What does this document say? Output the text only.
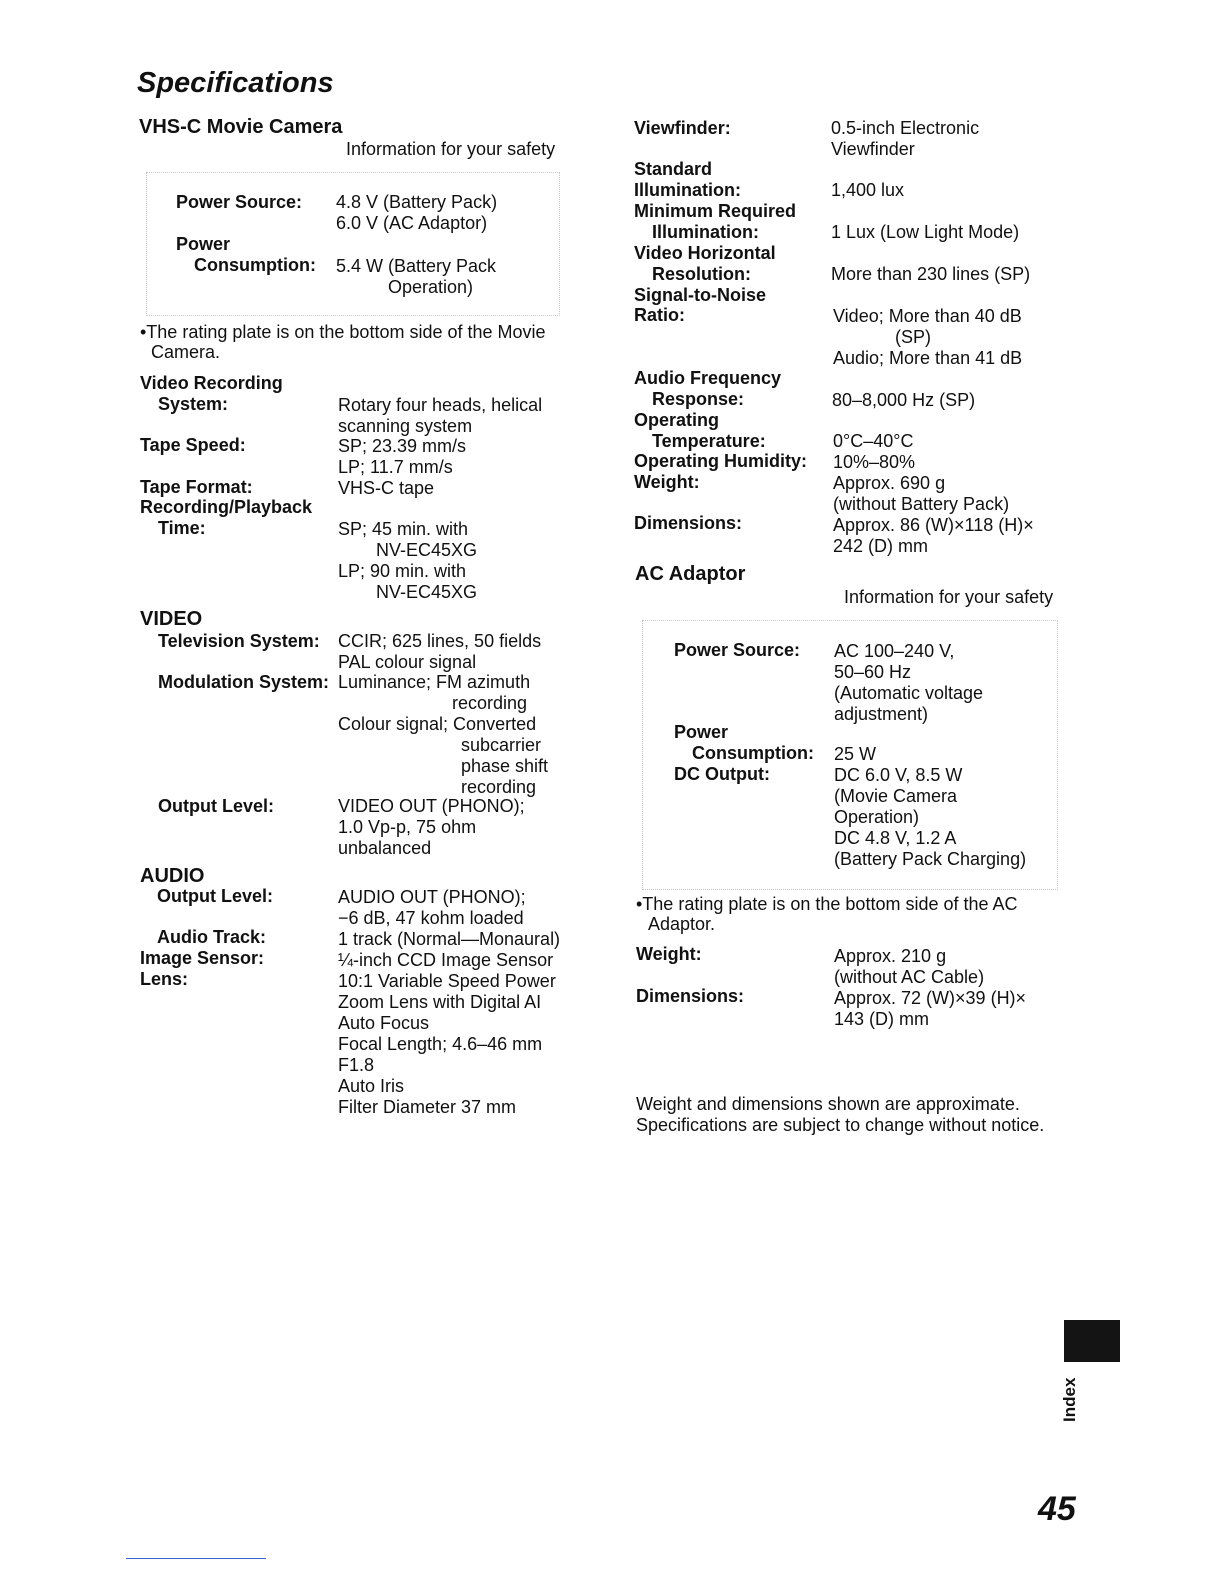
Specifications
VHS-C Movie Camera
Information for your safety
Power Source: 4.8 V (Battery Pack)
6.0 V (AC Adaptor)
Power
Consumption: 5.4 W (Battery Pack
Operation)
•The rating plate is on the bottom side of the Movie
Camera.
Video Recording
System:	Rotary four heads, helical
scanning system
Tape Speed:	SP; 23.39 mm/s
LP; 11.7 mm/s
Tape Format:	VHS-C tape
Recording/Playback
Time:	SP; 45 min. with
NV-EC45XG
LP; 90 min. with
NV-EC45XG
VIDEO
Television System: CCIR; 625 lines, 50 fields
PAL colour signal
Modulation System: Luminance; FM azimuth
recording
Colour signal; Converted
subcarrier
phase shift
recording
Output Level:	VIDEO OUT (PHONO);
1.0 Vp-p, 75 ohm
unbalanced
AUDIO
Output Level:	AUDIO OUT (PHONO);
−6 dB, 47 kohm loaded
Audio Track:	1 track (Normal—Monaural)
Image Sensor:	¼-inch CCD Image Sensor
Lens:	10:1 Variable Speed Power
Zoom Lens with Digital AI
Auto Focus
Focal Length; 4.6–46 mm
F1.8
Auto Iris
Filter Diameter 37 mm
Viewfinder:	0.5-inch Electronic
Viewfinder
Standard
Illumination:	1,400 lux
Minimum Required
Illumination:	1 Lux (Low Light Mode)
Video Horizontal
Resolution:	More than 230 lines (SP)
Signal-to-Noise
Ratio:	Video; More than 40 dB
(SP)
Audio; More than 41 dB
Audio Frequency
Response:	80–8,000 Hz (SP)
Operating
Temperature:	0°C–40°C
Operating Humidity: 10%–80%
Weight:	Approx. 690 g
(without Battery Pack)
Dimensions:	Approx. 86 (W)×118 (H)×
242 (D) mm
AC Adaptor
Information for your safety
Power Source: AC 100–240 V,
50–60 Hz
(Automatic voltage
adjustment)
Power
Consumption: 25 W
DC Output:	DC 6.0 V, 8.5 W
(Movie Camera
Operation)
DC 4.8 V, 1.2 A
(Battery Pack Charging)
•The rating plate is on the bottom side of the AC
Adaptor.
Weight:	Approx. 210 g
(without AC Cable)
Dimensions:	Approx. 72 (W)×39 (H)×
143 (D) mm
Weight and dimensions shown are approximate.
Specifications are subject to change without notice.
Index
45
